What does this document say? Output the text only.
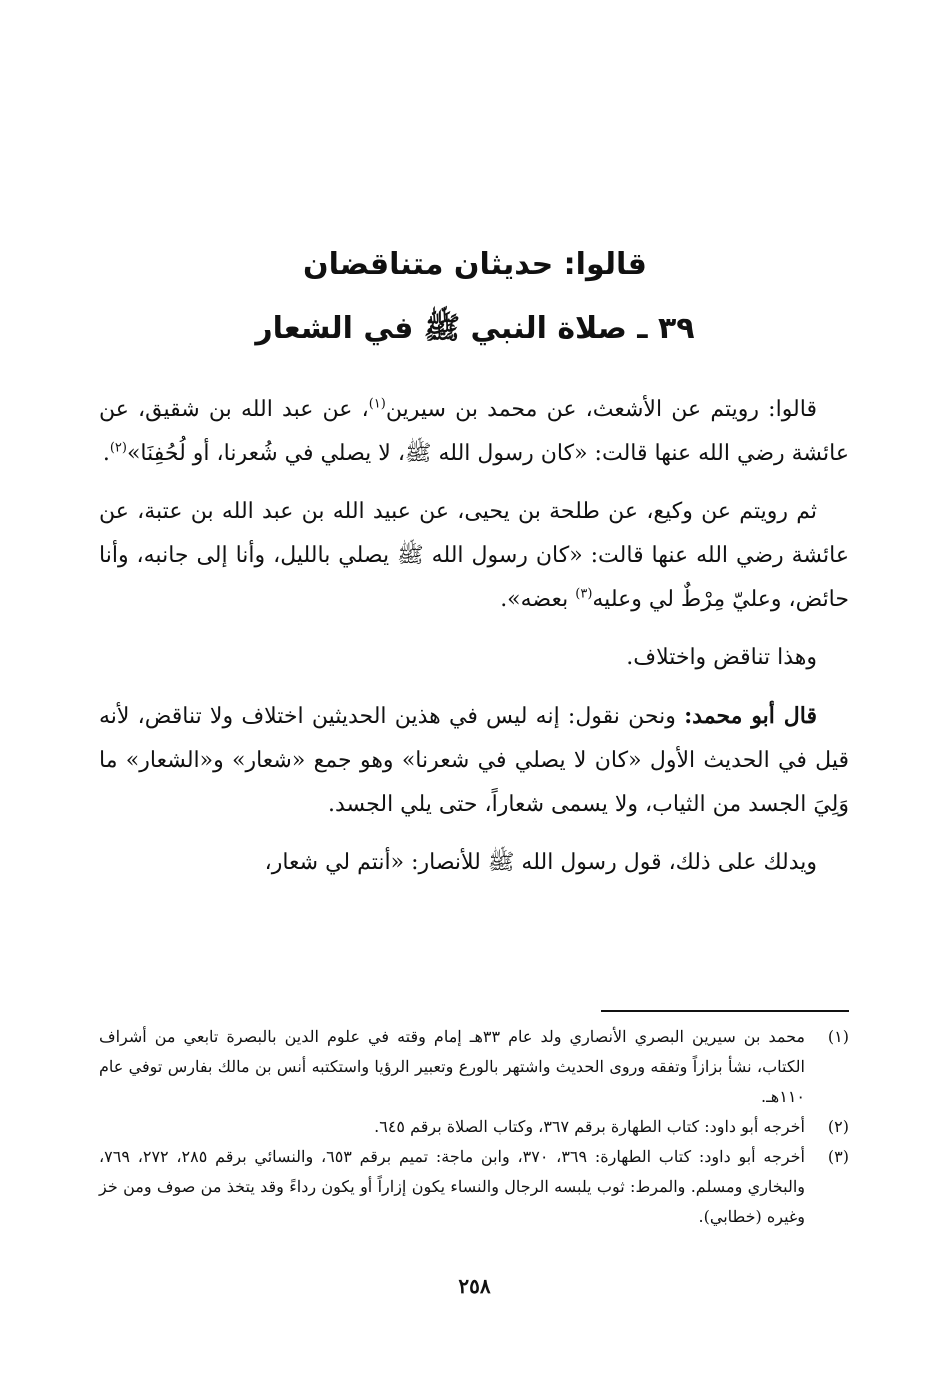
قالوا: حديثان متناقضان
٣٩ ـ صلاة النبي ﷺ في الشعار

قالوا: رويتم عن الأشعث، عن محمد بن سيرين$^{(١)}$، عن عبد الله بن شقيق، عن عائشة رضي الله عنها قالت: «كان رسول الله ﷺ، لا يصلي في شُعرنا، أو لُحُفِنَا»$^{(٢)}$.

ثم رويتم عن وكيع، عن طلحة بن يحيى، عن عبيد الله بن عبد الله بن عتبة، عن عائشة رضي الله عنها قالت: «كان رسول الله ﷺ يصلي بالليل، وأنا إلى جانبه، وأنا حائض، وعليّ مِرْطٌ لي وعليه$^{(٣)}$ بعضه».

وهذا تناقض واختلاف.

قال أبو محمد: ونحن نقول: إنه ليس في هذين الحديثين اختلاف ولا تناقض، لأنه قيل في الحديث الأول «كان لا يصلي في شعرنا» وهو جمع «شعار» و«الشعار» ما وَلِيَ الجسد من الثياب، ولا يسمى شعاراً، حتى يلي الجسد.

ويدلك على ذلك، قول رسول الله ﷺ للأنصار: «أنتم لي شعار،

(١)
محمد بن سيرين البصري الأنصاري ولد عام ٣٣هـ إمام وقته في علوم الدين بالبصرة تابعي من أشراف الكتاب، نشأ بزازاً وتفقه وروى الحديث واشتهر بالورع وتعبير الرؤيا واستكتبه أنس بن مالك بفارس توفي عام ١١٠هـ.
(٢)
أخرجه أبو داود: كتاب الطهارة برقم ٣٦٧، وكتاب الصلاة برقم ٦٤٥.
(٣)
أخرجه أبو داود: كتاب الطهارة: ٣٦٩، ٣٧٠، وابن ماجة: تميم برقم ٦٥٣، والنسائي برقم ٢٨٥، ٢٧٢، ٧٦٩، والبخاري ومسلم. والمرط: ثوب يلبسه الرجال والنساء يكون إزاراً أو يكون رداءً وقد يتخذ من صوف ومن خز وغيره (خطابي).
٢٥٨
